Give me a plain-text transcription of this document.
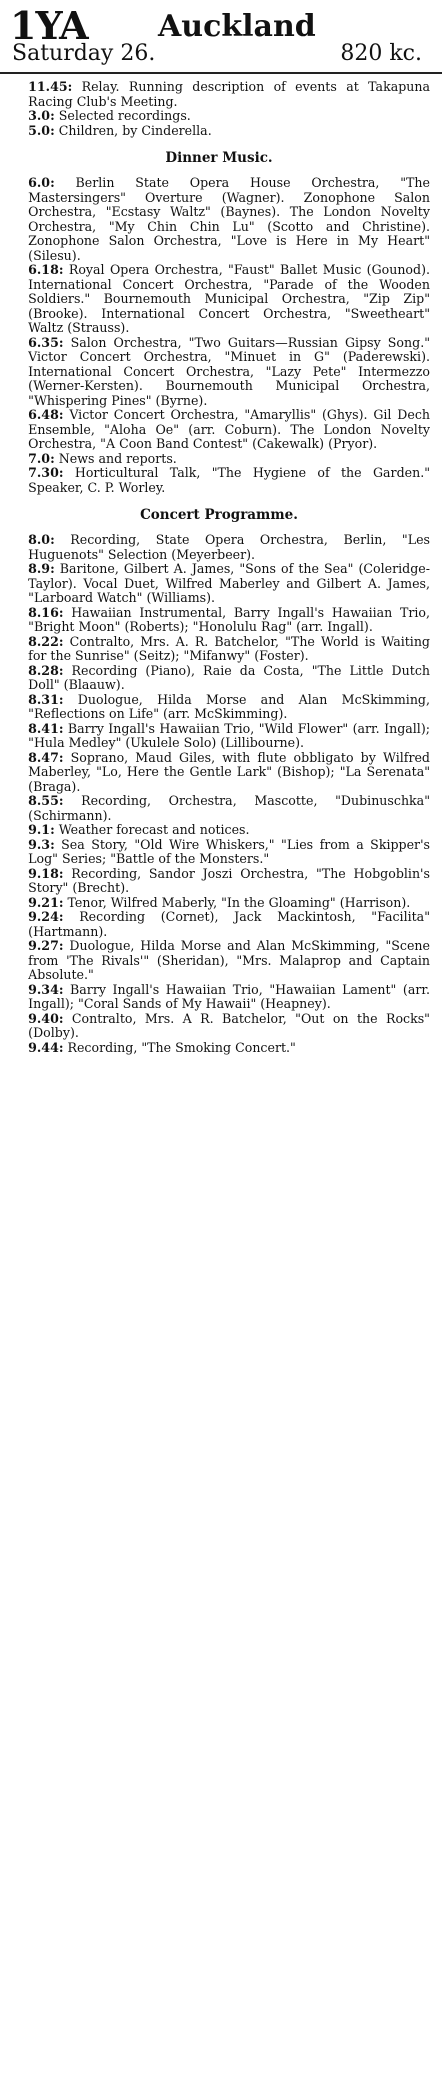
1YA Auckland
Saturday 26.	820 kc.

11.45: Relay. Running description of events at Takapuna Racing Club's Meeting.

3.0: Selected recordings.

5.0: Children, by Cinderella.

Dinner Music.

6.0: Berlin State Opera House Orchestra, "The Mastersingers" Overture (Wagner). Zonophone Salon Orchestra, "Ecstasy Waltz" (Baynes). The London Novelty Orchestra, "My Chin Chin Lu" (Scotto and Christine). Zonophone Salon Orchestra, "Love is Here in My Heart" (Silesu).

6.18: Royal Opera Orchestra, "Faust" Ballet Music (Gounod). International Concert Orchestra, "Parade of the Wooden Soldiers." Bournemouth Municipal Orchestra, "Zip Zip" (Brooke). International Concert Orchestra, "Sweetheart" Waltz (Strauss).

6.35: Salon Orchestra, "Two Guitars—Russian Gipsy Song." Victor Concert Orchestra, "Minuet in G" (Paderewski). International Concert Orchestra, "Lazy Pete" Intermezzo (Werner-Kersten). Bournemouth Municipal Orchestra, "Whispering Pines" (Byrne).

6.48: Victor Concert Orchestra, "Amaryllis" (Ghys). Gil Dech Ensemble, "Aloha Oe" (arr. Coburn). The London Novelty Orchestra, "A Coon Band Contest" (Cakewalk) (Pryor).

7.0: News and reports.

7.30: Horticultural Talk, "The Hygiene of the Garden." Speaker, C. P. Worley.

Concert Programme.

8.0: Recording, State Opera Orchestra, Berlin, "Les Huguenots" Selection (Meyerbeer).

8.9: Baritone, Gilbert A. James, "Sons of the Sea" (Coleridge-Taylor). Vocal Duet, Wilfred Maberley and Gilbert A. James, "Larboard Watch" (Williams).

8.16: Hawaiian Instrumental, Barry Ingall's Hawaiian Trio, "Bright Moon" (Roberts); "Honolulu Rag" (arr. Ingall).

8.22: Contralto, Mrs. A. R. Batchelor, "The World is Waiting for the Sunrise" (Seitz); "Mifanwy" (Foster).

8.28: Recording (Piano), Raie da Costa, "The Little Dutch Doll" (Blaauw).

8.31: Duologue, Hilda Morse and Alan McSkimming, "Reflections on Life" (arr. McSkimming).

8.41: Barry Ingall's Hawaiian Trio, "Wild Flower" (arr. Ingall); "Hula Medley" (Ukulele Solo) (Lillibourne).

8.47: Soprano, Maud Giles, with flute obbligato by Wilfred Maberley, "Lo, Here the Gentle Lark" (Bishop); "La Serenata" (Braga).

8.55: Recording, Orchestra, Mascotte, "Dubinuschka" (Schirmann).

9.1: Weather forecast and notices.

9.3: Sea Story, "Old Wire Whiskers," "Lies from a Skipper's Log" Series; "Battle of the Monsters."

9.18: Recording, Sandor Joszi Orchestra, "The Hobgoblin's Story" (Brecht).

9.21: Tenor, Wilfred Maberly, "In the Gloaming" (Harrison).

9.24: Recording (Cornet), Jack Mackintosh, "Facilita" (Hartmann).

9.27: Duologue, Hilda Morse and Alan McSkimming, "Scene from 'The Rivals'" (Sheridan), "Mrs. Malaprop and Captain Absolute."

9.34: Barry Ingall's Hawaiian Trio, "Hawaiian Lament" (arr. Ingall); "Coral Sands of My Hawaii" (Heapney).

9.40: Contralto, Mrs. A R. Batchelor, "Out on the Rocks" (Dolby).

9.44: Recording, "The Smoking Concert."
